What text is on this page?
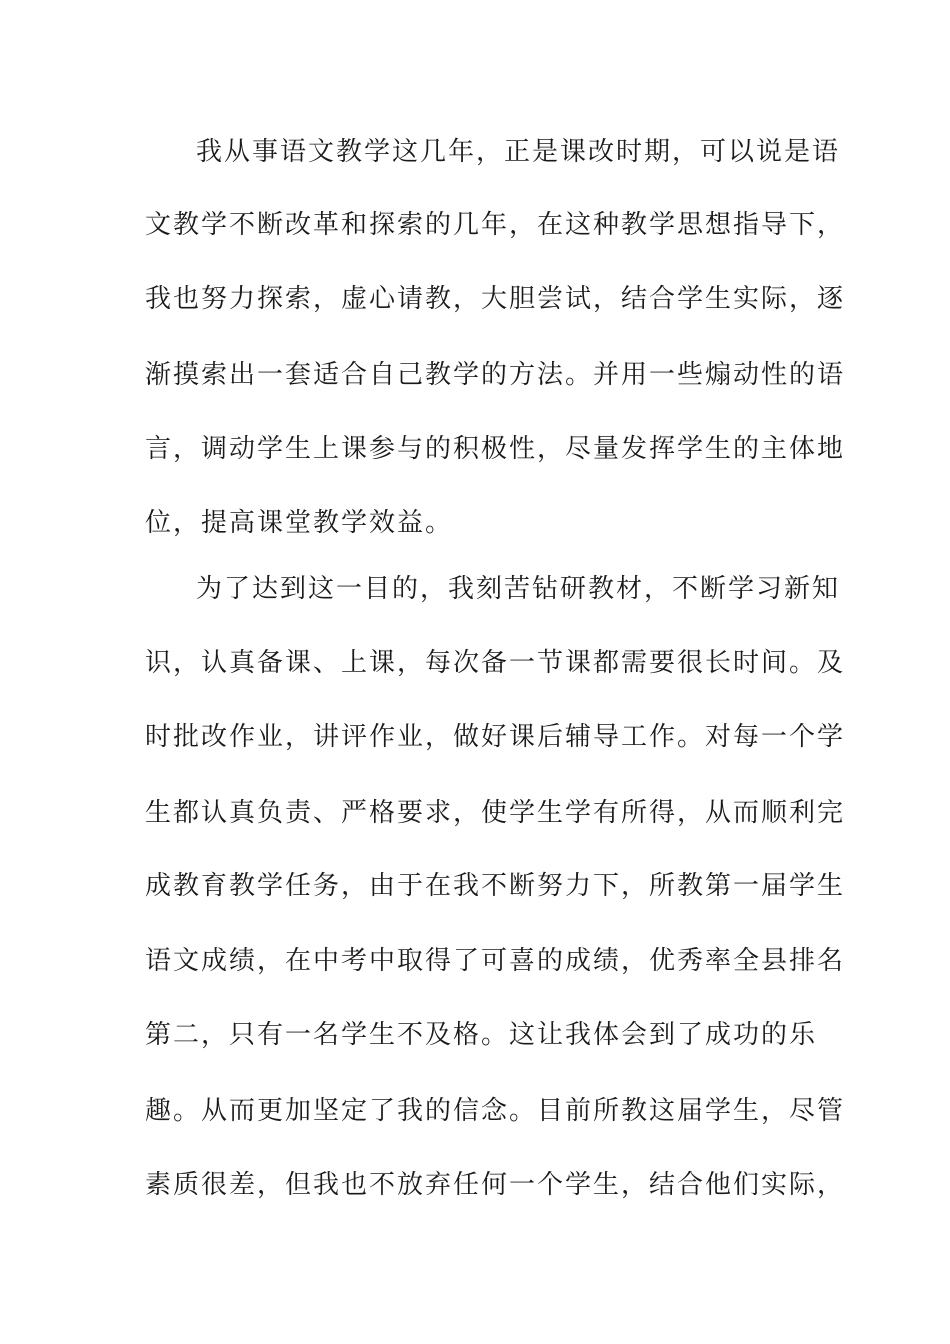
我从事语文教学这几年，正是课改时期，可以说是语

文教学不断改革和探索的几年，在这种教学思想指导下，

我也努力探索，虚心请教，大胆尝试，结合学生实际，逐

渐摸索出一套适合自己教学的方法。并用一些煽动性的语

言，调动学生上课参与的积极性，尽量发挥学生的主体地

位，提高课堂教学效益。

为了达到这一目的，我刻苦钻研教材，不断学习新知

识，认真备课、上课，每次备一节课都需要很长时间。及

时批改作业，讲评作业，做好课后辅导工作。对每一个学

生都认真负责、严格要求，使学生学有所得，从而顺利完

成教育教学任务，由于在我不断努力下，所教第一届学生

语文成绩，在中考中取得了可喜的成绩，优秀率全县排名

第二，只有一名学生不及格。这让我体会到了成功的乐

趣。从而更加坚定了我的信念。目前所教这届学生，尽管

素质很差，但我也不放弃任何一个学生，结合他们实际，
